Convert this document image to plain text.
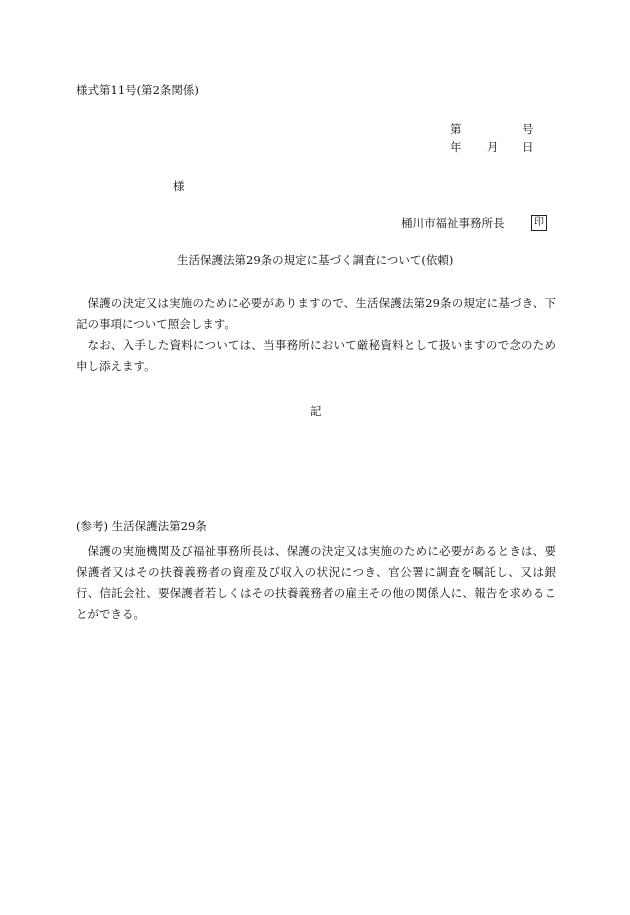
様式第11号(第2条関係)
第	号
年 月 日
様
桶川市福祉事務所長	印
生活保護法第29条の規定に基づく調査について(依頼)

保護の決定又は実施のために必要がありますので、生活保護法第29条の規定に基づき、下記の事項について照会します。

なお、入手した資料については、当事務所において厳秘資料として扱いますので念のため申し添えます。

記
(参考) 生活保護法第29条

保護の実施機関及び福祉事務所長は、保護の決定又は実施のために必要があるときは、要保護者又はその扶養義務者の資産及び収入の状況につき、官公署に調査を嘱託し、又は銀行、信託会社、要保護者若しくはその扶養義務者の雇主その他の関係人に、報告を求めることができる。
